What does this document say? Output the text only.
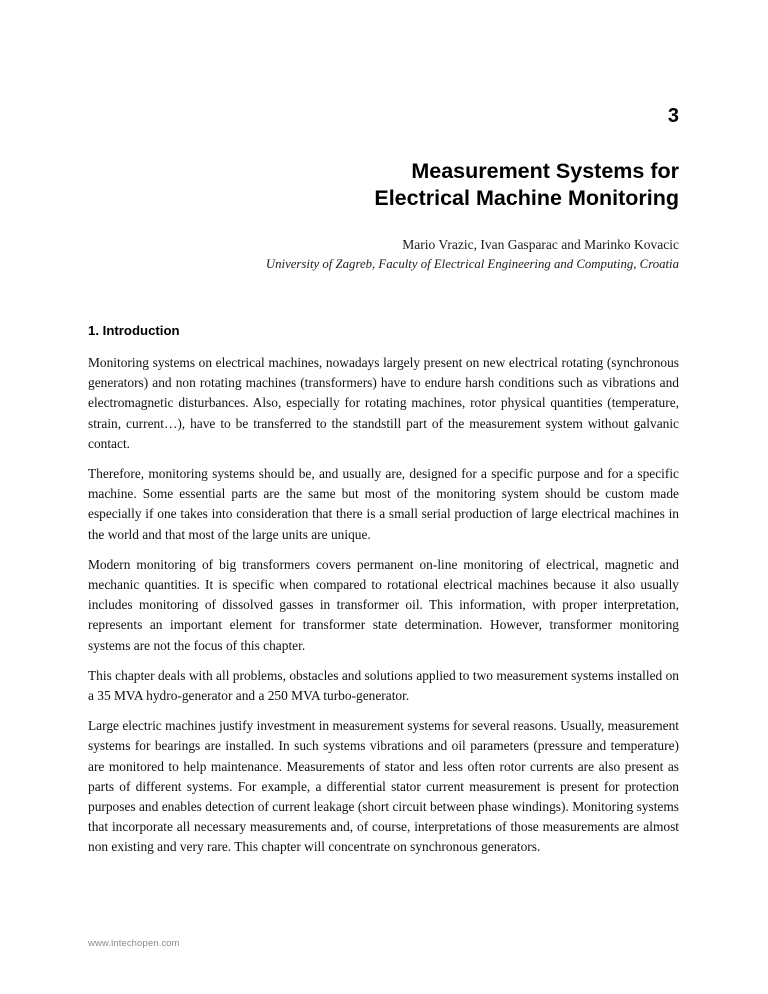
3
Measurement Systems for
Electrical Machine Monitoring
Mario Vrazic, Ivan Gasparac and Marinko Kovacic
University of Zagreb, Faculty of Electrical Engineering and Computing, Croatia
1. Introduction

Monitoring systems on electrical machines, nowadays largely present on new electrical rotating (synchronous generators) and non rotating machines (transformers) have to endure harsh conditions such as vibrations and electromagnetic disturbances. Also, especially for rotating machines, rotor physical quantities (temperature, strain, current…), have to be transferred to the standstill part of the measurement system without galvanic contact.

Therefore, monitoring systems should be, and usually are, designed for a specific purpose and for a specific machine. Some essential parts are the same but most of the monitoring system should be custom made especially if one takes into consideration that there is a small serial production of large electrical machines in the world and that most of the large units are unique.

Modern monitoring of big transformers covers permanent on-line monitoring of electrical, magnetic and mechanic quantities. It is specific when compared to rotational electrical machines because it also usually includes monitoring of dissolved gasses in transformer oil. This information, with proper interpretation, represents an important element for transformer state determination. However, transformer monitoring systems are not the focus of this chapter.

This chapter deals with all problems, obstacles and solutions applied to two measurement systems installed on a 35 MVA hydro-generator and a 250 MVA turbo-generator.

Large electric machines justify investment in measurement systems for several reasons. Usually, measurement systems for bearings are installed. In such systems vibrations and oil parameters (pressure and temperature) are monitored to help maintenance. Measurements of stator and less often rotor currents are also present as parts of different systems. For example, a differential stator current measurement is present for protection purposes and enables detection of current leakage (short circuit between phase windings). Monitoring systems that incorporate all necessary measurements and, of course, interpretations of those measurements are almost non existing and very rare. This chapter will concentrate on synchronous generators.

www.intechopen.com
